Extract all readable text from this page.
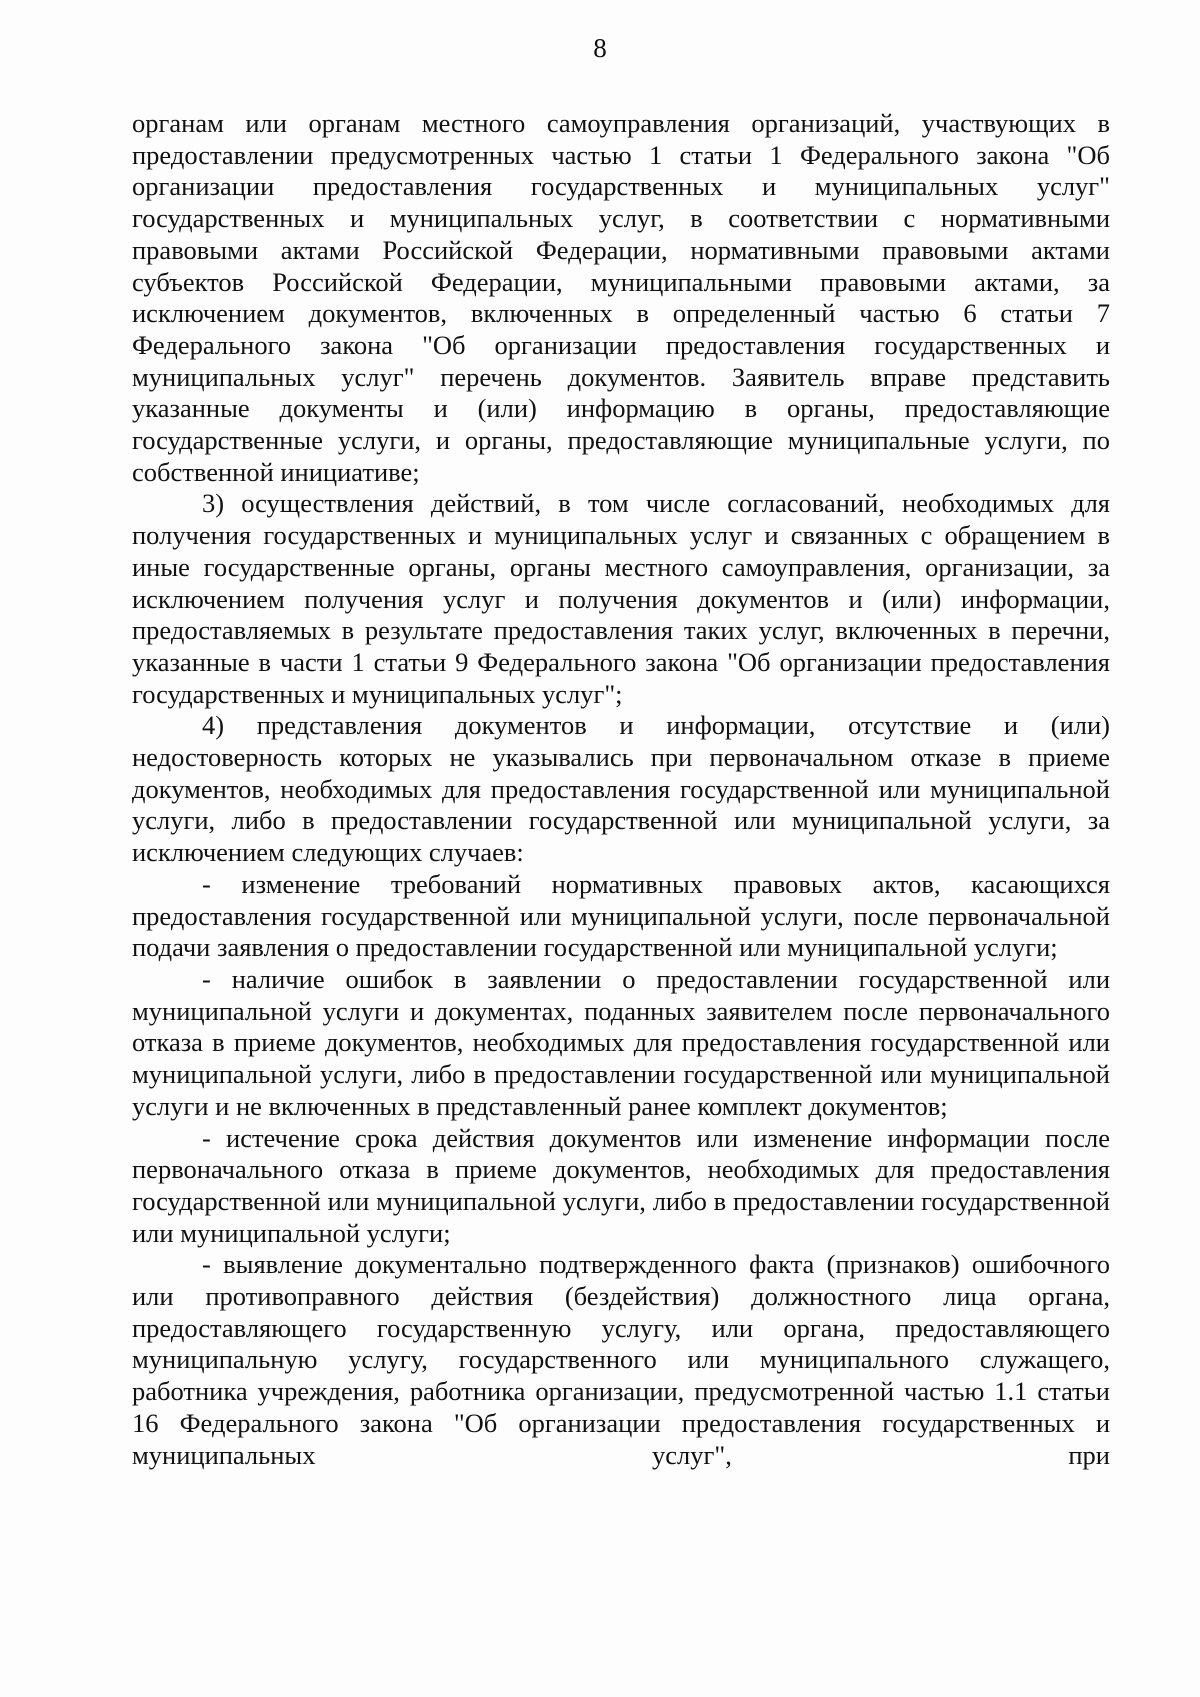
8

органам или органам местного самоуправления организаций, участвующих в предоставлении предусмотренных частью 1 статьи 1 Федерального закона "Об организации предоставления государственных и муниципальных услуг" государственных и муниципальных услуг, в соответствии с нормативными правовыми актами Российской Федерации, нормативными правовыми актами субъектов Российской Федерации, муниципальными правовыми актами, за исключением документов, включенных в определенный частью 6 статьи 7 Федерального закона "Об организации предоставления государственных и муниципальных услуг" перечень документов. Заявитель вправе представить указанные документы и (или) информацию в органы, предоставляющие государственные услуги, и органы, предоставляющие муниципальные услуги, по собственной инициативе;

3) осуществления действий, в том числе согласований, необходимых для получения государственных и муниципальных услуг и связанных с обращением в иные государственные органы, органы местного самоуправления, организации, за исключением получения услуг и получения документов и (или) информации, предоставляемых в результате предоставления таких услуг, включенных в перечни, указанные в части 1 статьи 9 Федерального закона "Об организации предоставления государственных и муниципальных услуг";

4) представления документов и информации, отсутствие и (или) недостоверность которых не указывались при первоначальном отказе в приеме документов, необходимых для предоставления государственной или муниципальной услуги, либо в предоставлении государственной или муниципальной услуги, за исключением следующих случаев:

- изменение требований нормативных правовых актов, касающихся предоставления государственной или муниципальной услуги, после первоначальной подачи заявления о предоставлении государственной или муниципальной услуги;

- наличие ошибок в заявлении о предоставлении государственной или муниципальной услуги и документах, поданных заявителем после первоначального отказа в приеме документов, необходимых для предоставления государственной или муниципальной услуги, либо в предоставлении государственной или муниципальной услуги и не включенных в представленный ранее комплект документов;

- истечение срока действия документов или изменение информации после первоначального отказа в приеме документов, необходимых для предоставления государственной или муниципальной услуги, либо в предоставлении государственной или муниципальной услуги;

- выявление документально подтвержденного факта (признаков) ошибочного или противоправного действия (бездействия) должностного лица органа, предоставляющего государственную услугу, или органа, предоставляющего муниципальную услугу, государственного или муниципального служащего, работника учреждения, работника организации, предусмотренной частью 1.1 статьи 16 Федерального закона "Об организации предоставления государственных и муниципальных услуг", при
